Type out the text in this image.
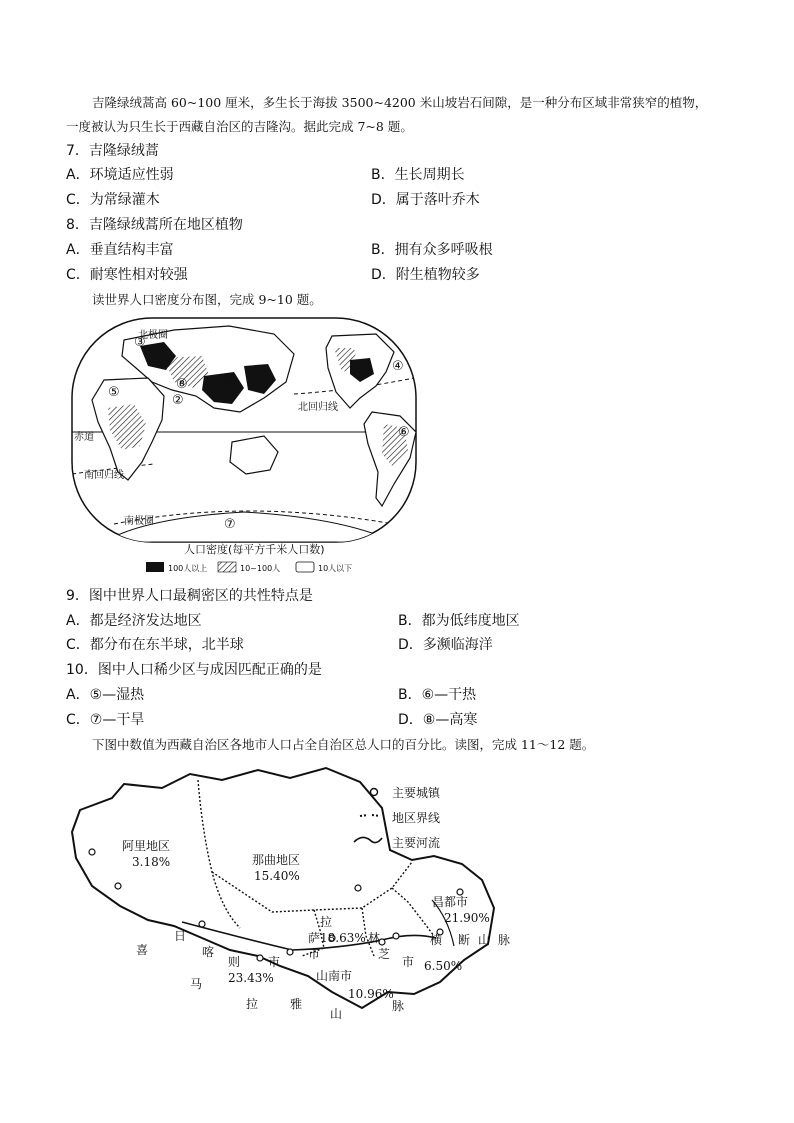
吉隆绿绒蒿高 60~100 厘米，多生长于海拔 3500~4200 米山坡岩石间隙，是一种分布区域非常狭窄的植物，
一度被认为只生长于西藏自治区的吉隆沟。据此完成 7~8 题。
7．吉隆绿绒蒿
A．环境适应性弱	B．生长周期长
C．为常绿灌木	D．属于落叶乔木
8．吉隆绿绒蒿所在地区植物
A．垂直结构丰富	B．拥有众多呼吸根
C．耐寒性相对较强	D．附生植物较多
读世界人口密度分布图，完成 9~10 题。
北极圈
北回归线
赤道
南回归线
南极圈
①
②
③
④
⑤
⑥
⑦
⑧
人口密度(每平方千米人口数)
100人以上	10~100人	10人以下
9．图中世界人口最稠密区的共性特点是
A．都是经济发达地区	B．都为低纬度地区
C．都分布在东半球，北半球	D．多濒临海洋
10．图中人口稀少区与成因匹配正确的是
A．⑤—湿热	B．⑥—干热
C．⑦—干旱	D．⑧—高寒
下图中数值为西藏自治区各地市人口占全自治区总人口的百分比。读图，完成 11～12 题。
主要城镇
地区界线
主要河流
阿里地区
3.18%	那曲地区
15.40%
昌都市
21.90%
18.63%
23.43%	山南市
10.96%
6.50%
拉
萨
市
林
芝
市
横 断 山 脉
喜
日
喀
则 市
马
拉	雅
山
脉
